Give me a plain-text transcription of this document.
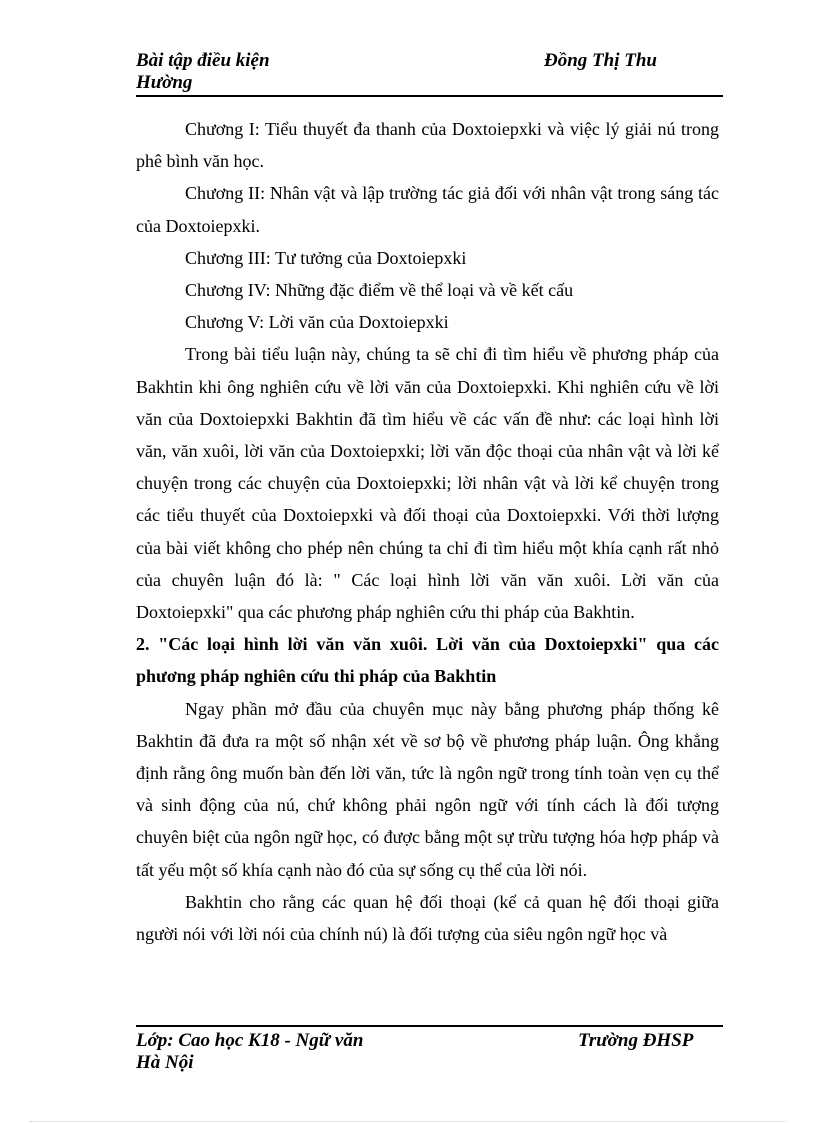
Bài tập điều kiện	Đồng Thị Thu
Hường

Chương I: Tiểu thuyết đa thanh của Doxtoiepxki và việc lý giải nú trong phê bình văn học.

Chương II: Nhân vật và lập trường tác giả đối với nhân vật trong sáng tác của Doxtoiepxki.

Chương III: Tư tưởng của Doxtoiepxki

Chương IV: Những đặc điểm về thể loại và về kết cấu

Chương V: Lời văn của Doxtoiepxki

Trong bài tiểu luận này, chúng ta sẽ chỉ đi tìm hiểu về phương pháp của Bakhtin khi ông nghiên cứu về lời văn của Doxtoiepxki. Khi nghiên cứu về lời văn của Doxtoiepxki Bakhtin đã tìm hiểu về các vấn đề như: các loại hình lời văn, văn xuôi, lời văn của Doxtoiepxki; lời văn độc thoại của nhân vật và lời kể chuyện trong các chuyện của Doxtoiepxki; lời nhân vật và lời kể chuyện trong các tiểu thuyết của Doxtoiepxki và đối thoại của Doxtoiepxki. Với thời lượng của bài viết không cho phép nên chúng ta chỉ đi tìm hiểu một khía cạnh rất nhỏ của chuyên luận đó là: " Các loại hình lời văn văn xuôi. Lời văn của Doxtoiepxki" qua các phương pháp nghiên cứu thi pháp của Bakhtin.

2. "Các loại hình lời văn văn xuôi. Lời văn của Doxtoiepxki" qua các phương pháp nghiên cứu thi pháp của Bakhtin

Ngay phần mở đầu của chuyên mục này bằng phương pháp thống kê Bakhtin đã đưa ra một số nhận xét về sơ bộ về phương pháp luận. Ông khẳng định rằng ông muốn bàn đến lời văn, tức là ngôn ngữ trong tính toàn vẹn cụ thể và sinh động của nú, chứ không phải ngôn ngữ với tính cách là đối tượng chuyên biệt của ngôn ngữ học, có được bằng một sự trừu tượng hóa hợp pháp và tất yếu một số khía cạnh nào đó của sự sống cụ thể của lời nói.

Bakhtin cho rằng các quan hệ đối thoại (kể cả quan hệ đối thoại giữa người nói với lời nói của chính nú) là đối tượng của siêu ngôn ngữ học và

Lớp: Cao học K18 - Ngữ văn	Trường ĐHSP
Hà Nội
